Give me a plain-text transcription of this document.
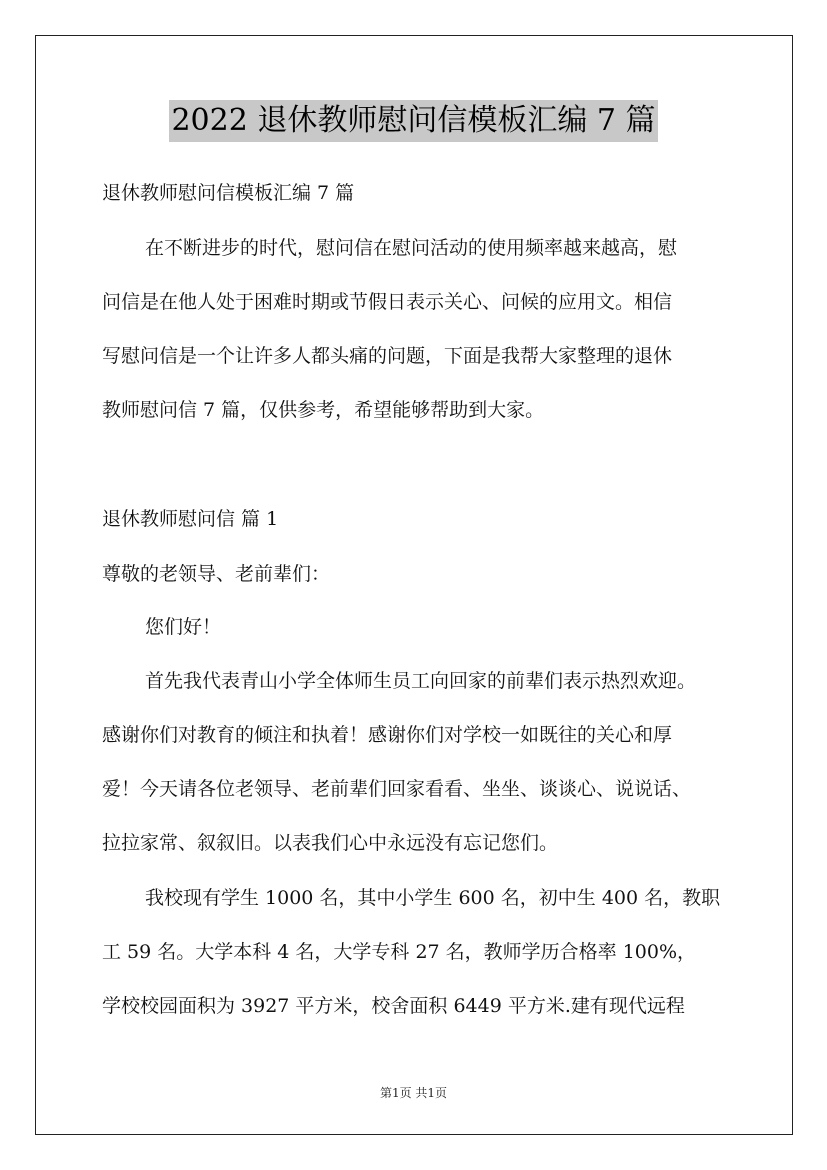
2022 退休教师慰问信模板汇编 7 篇
退休教师慰问信模板汇编 7 篇
在不断进步的时代，慰问信在慰问活动的使用频率越来越高，慰
问信是在他人处于困难时期或节假日表示关心、问候的应用文。相信
写慰问信是一个让许多人都头痛的问题，下面是我帮大家整理的退休
教师慰问信 7 篇，仅供参考，希望能够帮助到大家。
退休教师慰问信 篇 1
尊敬的老领导、老前辈们：
您们好！
首先我代表青山小学全体师生员工向回家的前辈们表示热烈欢迎。
感谢你们对教育的倾注和执着！感谢你们对学校一如既往的关心和厚
爱！今天请各位老领导、老前辈们回家看看、坐坐、谈谈心、说说话、
拉拉家常、叙叙旧。以表我们心中永远没有忘记您们。
我校现有学生 1000 名，其中小学生 600 名，初中生 400 名，教职
工 59 名。大学本科 4 名，大学专科 27 名，教师学历合格率 100%，
学校校园面积为 3927 平方米，校舍面积 6449 平方米.建有现代远程
第1页 共1页
